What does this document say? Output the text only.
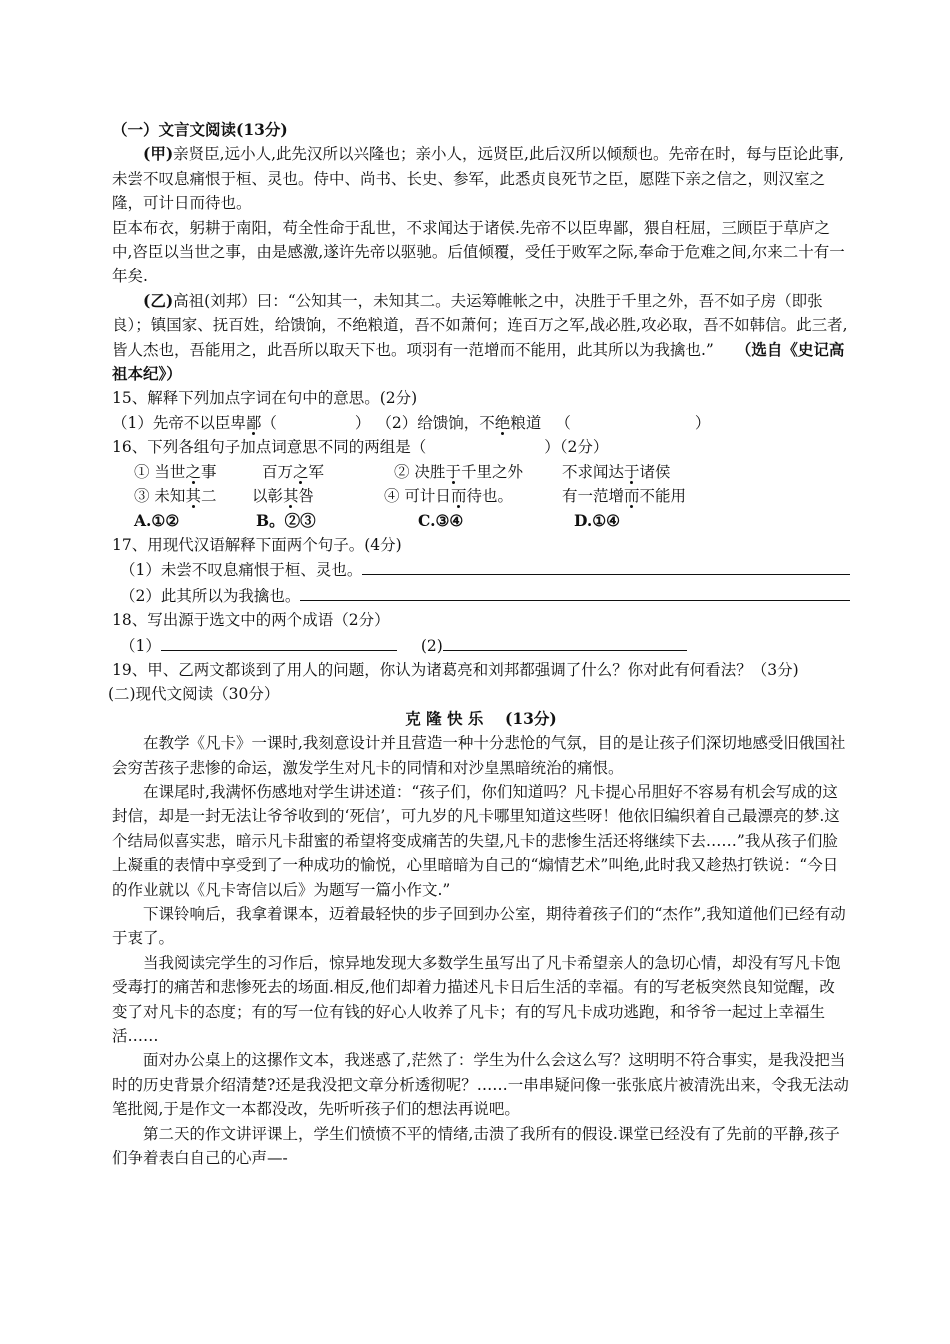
（一）文言文阅读(13分)

(甲)亲贤臣,远小人,此先汉所以兴隆也；亲小人，远贤臣,此后汉所以倾颓也。先帝在时，每与臣论此事,未尝不叹息痛恨于桓、灵也。侍中、尚书、长史、参军，此悉贞良死节之臣，愿陛下亲之信之，则汉室之隆，可计日而待也。

臣本布衣，躬耕于南阳，苟全性命于乱世，不求闻达于诸侯.先帝不以臣卑鄙，猥自枉屈，三顾臣于草庐之中,咨臣以当世之事，由是感激,遂许先帝以驱驰。后值倾覆，受任于败军之际,奉命于危难之间,尔来二十有一年矣.

(乙)高祖(刘邦）曰：“公知其一，未知其二。夫运筹帷帐之中，决胜于千里之外，吾不如子房（即张良）；镇国家、抚百姓，给馈饷，不绝粮道，吾不如萧何；连百万之军,战必胜,攻必取，吾不如韩信。此三者,皆人杰也，吾能用之，此吾所以取天下也。项羽有一范增而不能用，此其所以为我擒也.” （选自《史记高祖本纪》）

15、解释下列加点字词在句中的意思。(2分)

（1）先帝不以臣卑鄙 （	） （2）给馈饷，不绝粮道 （	）
16、下列各组句子加点词意思不同的两组是（	）（2分）
① 当世之事	百万之军	② 决胜于千里之外	不求闻达于诸侯
③ 未知其二	以彰其咎	④ 可计日而待也。	有一范增而不能用
A.①②	B。②③	C.③④	D.①④

17、用现代汉语解释下面两个句子。(4分)

（1）未尝不叹息痛恨于桓、灵也。
（2）此其所以为我擒也。

18、写出源于选文中的两个成语（2分）

（1）	(2)

19、甲、乙两文都谈到了用人的问题，你认为诸葛亮和刘邦都强调了什么？你对此有何看法？（3分)

(二)现代文阅读（30分）

克 隆 快 乐    (13分)

在教学《凡卡》一课时,我刻意设计并且营造一种十分悲怆的气氛，目的是让孩子们深切地感受旧俄国社会穷苦孩子悲惨的命运，激发学生对凡卡的同情和对沙皇黑暗统治的痛恨。

在课尾时,我满怀伤感地对学生讲述道：“孩子们，你们知道吗？凡卡提心吊胆好不容易有机会写成的这封信，却是一封无法让爷爷收到的‘死信’，可九岁的凡卡哪里知道这些呀！他依旧编织着自己最漂亮的梦.这个结局似喜实悲，暗示凡卡甜蜜的希望将变成痛苦的失望,凡卡的悲惨生活还将继续下去……”我从孩子们脸上凝重的表情中享受到了一种成功的愉悦，心里暗暗为自己的“煽情艺术”叫绝,此时我又趁热打铁说：“今日的作业就以《凡卡寄信以后》为题写一篇小作文.”

下课铃响后，我拿着课本，迈着最轻快的步子回到办公室，期待着孩子们的“杰作”,我知道他们已经有动于衷了。

当我阅读完学生的习作后，惊异地发现大多数学生虽写出了凡卡希望亲人的急切心情，却没有写凡卡饱受毒打的痛苦和悲惨死去的场面.相反,他们却着力描述凡卡日后生活的幸福。有的写老板突然良知觉醒，改变了对凡卡的态度；有的写一位有钱的好心人收养了凡卡；有的写凡卡成功逃跑，和爷爷一起过上幸福生活……

面对办公桌上的这摞作文本，我迷惑了,茫然了：学生为什么会这么写？这明明不符合事实，是我没把当时的历史背景介绍清楚?还是我没把文章分析透彻呢？……一串串疑问像一张张底片被清洗出来，令我无法动笔批阅,于是作文一本都没改，先听听孩子们的想法再说吧。

第二天的作文讲评课上，学生们愤愤不平的情绪,击溃了我所有的假设.课堂已经没有了先前的平静,孩子们争着表白自己的心声—-
